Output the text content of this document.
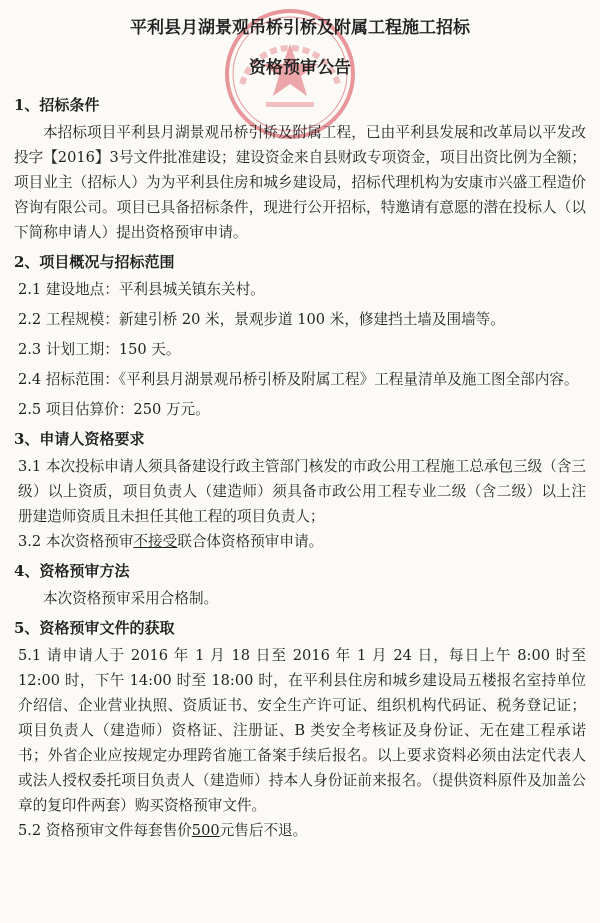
平利县月湖景观吊桥引桥及附属工程施工招标
资格预审公告
1、招标条件
本招标项目平利县月湖景观吊桥引桥及附属工程，已由平利县发展和改革局以平发改投字【2016】3号文件批准建设；建设资金来自县财政专项资金，项目出资比例为全额；项目业主（招标人）为为平利县住房和城乡建设局，招标代理机构为安康市兴盛工程造价咨询有限公司。项目已具备招标条件，现进行公开招标，特邀请有意愿的潜在投标人（以下简称申请人）提出资格预审申请。
2、项目概况与招标范围
2.1 建设地点：平利县城关镇东关村。
2.2 工程规模：新建引桥 20 米，景观步道 100 米，修建挡土墙及围墙等。
2.3 计划工期：150 天。
2.4 招标范围：《平利县月湖景观吊桥引桥及附属工程》工程量清单及施工图全部内容。
2.5 项目估算价：250 万元。
3、申请人资格要求
3.1 本次投标申请人须具备建设行政主管部门核发的市政公用工程施工总承包三级（含三级）以上资质，项目负责人（建造师）须具备市政公用工程专业二级（含二级）以上注册建造师资质且未担任其他工程的项目负责人；
3.2 本次资格预审不接受联合体资格预审申请。
4、资格预审方法
本次资格预审采用合格制。
5、资格预审文件的获取
5.1 请申请人于 2016 年 1 月 18 日至 2016 年 1 月 24 日，每日上午 8:00 时至 12:00 时，下午 14:00 时至 18:00 时，在平利县住房和城乡建设局五楼报名室持单位介绍信、企业营业执照、资质证书、安全生产许可证、组织机构代码证、税务登记证；项目负责人（建造师）资格证、注册证、B 类安全考核证及身份证、无在建工程承诺书；外省企业应按规定办理跨省施工备案手续后报名。以上要求资料必须由法定代表人或法人授权委托项目负责人（建造师）持本人身份证前来报名。（提供资料原件及加盖公章的复印件两套）购买资格预审文件。
5.2 资格预审文件每套售价500元售后不退。
